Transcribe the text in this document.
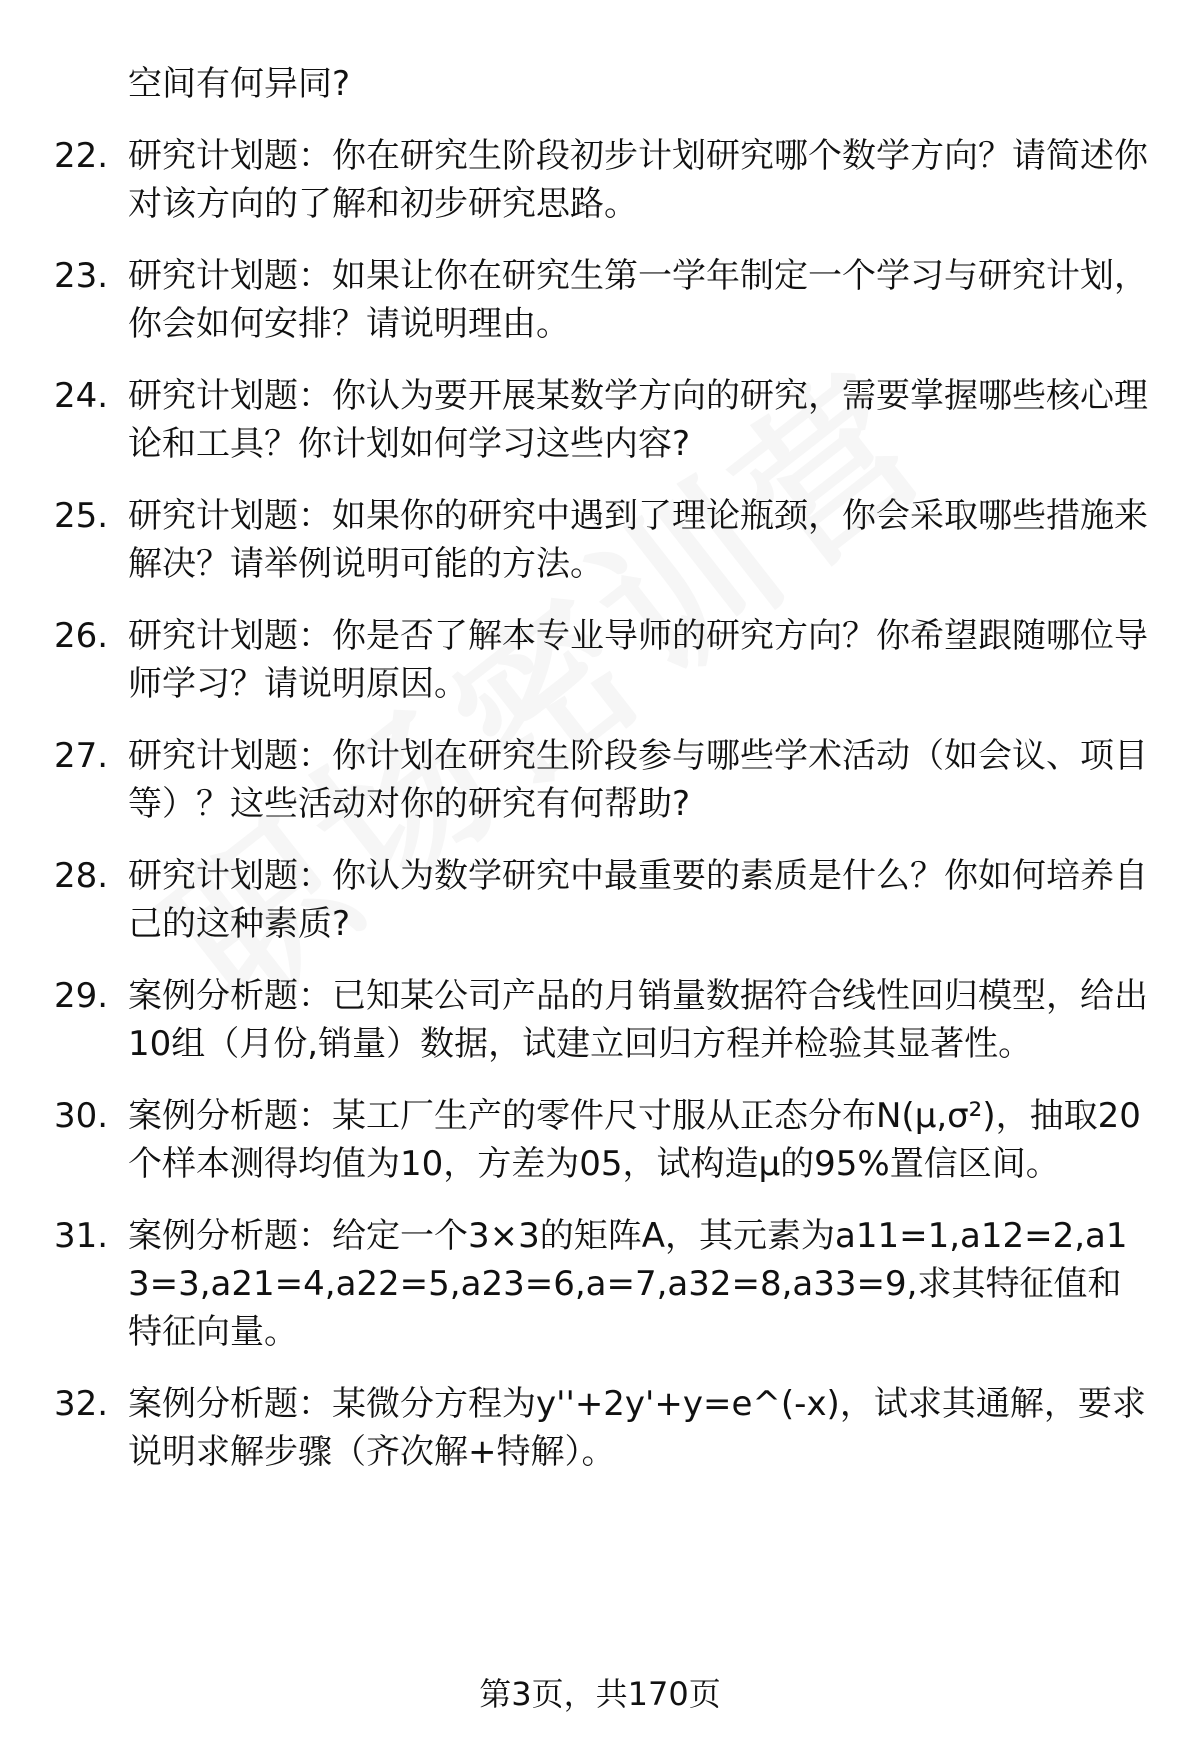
空间有何异同?
22. 研究计划题：你在研究生阶段初步计划研究哪个数学方向？请简述你对该方向的了解和初步研究思路。
23. 研究计划题：如果让你在研究生第一学年制定一个学习与研究计划，你会如何安排？请说明理由。
24. 研究计划题：你认为要开展某数学方向的研究，需要掌握哪些核心理论和工具？你计划如何学习这些内容?
25. 研究计划题：如果你的研究中遇到了理论瓶颈，你会采取哪些措施来解决？请举例说明可能的方法。
26. 研究计划题：你是否了解本专业导师的研究方向？你希望跟随哪位导师学习？请说明原因。
27. 研究计划题：你计划在研究生阶段参与哪些学术活动（如会议、项目等）？这些活动对你的研究有何帮助?
28. 研究计划题：你认为数学研究中最重要的素质是什么？你如何培养自己的这种素质?
29. 案例分析题：已知某公司产品的月销量数据符合线性回归模型，给出10组（月份,销量）数据，试建立回归方程并检验其显著性。
30. 案例分析题：某工厂生产的零件尺寸服从正态分布N(μ,σ²)，抽取20个样本测得均值为10，方差为05，试构造μ的95%置信区间。
31. 案例分析题：给定一个3×3的矩阵A，其元素为a11=1,a12=2,a13=3,a21=4,a22=5,a23=6,a=7,a32=8,a33=9,求其特征值和特征向量。
32. 案例分析题：某微分方程为y''+2y'+y=e^(-x)，试求其通解，要求说明求解步骤（齐次解+特解）。
第3页，共170页
